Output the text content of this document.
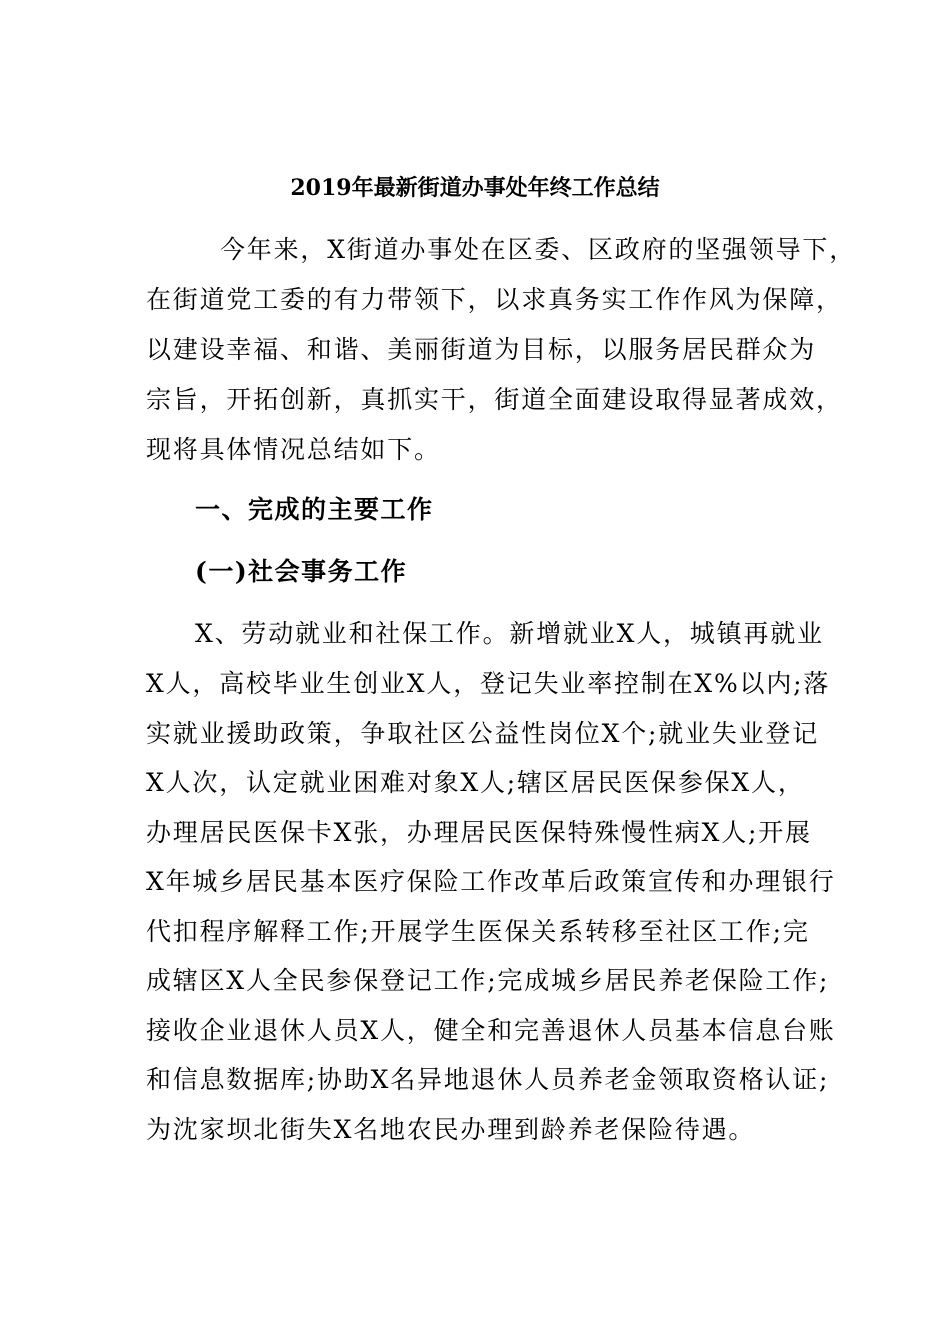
2019年最新街道办事处年终工作总结
今年来，X街道办事处在区委、区政府的坚强领导下，
在街道党工委的有力带领下，以求真务实工作作风为保障，
以建设幸福、和谐、美丽街道为目标，以服务居民群众为
宗旨，开拓创新，真抓实干，街道全面建设取得显著成效，
现将具体情况总结如下。
一、完成的主要工作
(一)社会事务工作
X、劳动就业和社保工作。新增就业X人，城镇再就业
X人，高校毕业生创业X人，登记失业率控制在X%以内;落
实就业援助政策，争取社区公益性岗位X个;就业失业登记
X人次，认定就业困难对象X人;辖区居民医保参保X人，
办理居民医保卡X张，办理居民医保特殊慢性病X人;开展
X年城乡居民基本医疗保险工作改革后政策宣传和办理银行
代扣程序解释工作;开展学生医保关系转移至社区工作;完
成辖区X人全民参保登记工作;完成城乡居民养老保险工作;
接收企业退休人员X人，健全和完善退休人员基本信息台账
和信息数据库;协助X名异地退休人员养老金领取资格认证;
为沈家坝北街失X名地农民办理到龄养老保险待遇。
